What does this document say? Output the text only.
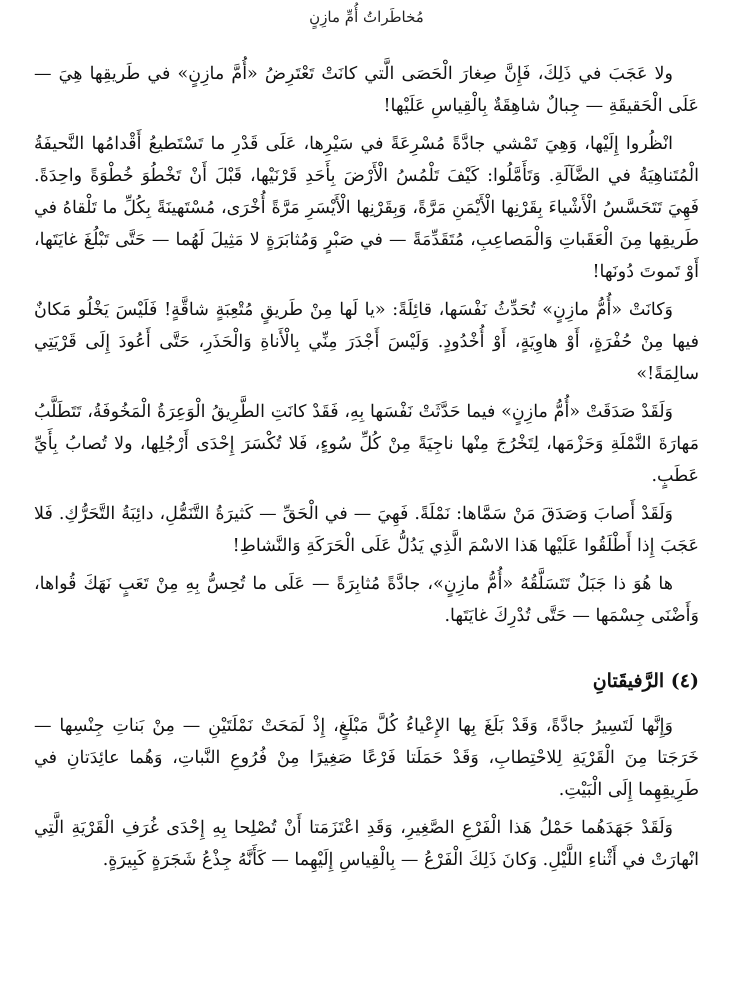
مُخاطَراتُ أُمِّ مازِنٍ

ولا عَجَبَ في ذَلِكَ، فَإِنَّ صِغارَ الْحَصَى الَّتي كانَتْ تَعْتَرِضُ «أُمَّ مازِنٍ» في طَريقِها هِيَ — عَلَى الْحَقيقَةِ — جِبالٌ شاهِقَةٌ بِالْقِياسِ عَلَيْها!

انْظُروا إِلَيْها، وَهِيَ تَمْشي جادَّةً مُسْرِعَةً في سَيْرِها، عَلَى قَدْرِ ما تَسْتَطيعُ أَقْدامُها النَّحيفَةُ الْمُتَناهِيَةُ في الضَّآلَةِ. وَتَأَمَّلُوا: كَيْفَ تَلْمُسُ الْأَرْضَ بِأَحَدِ قَرْنَيْها، قَبْلَ أَنْ تَخْطُوَ خُطْوَةً واحِدَةً. فَهِيَ تَتَحَسَّسُ الْأَشْياءَ بِقَرْنِها الْأَيْمَنِ مَرَّةً، وَبِقَرْنِها الْأَيْسَرِ مَرَّةً أُخْرَى، مُسْتَهينَةً بِكُلِّ ما تَلْقاهُ في طَريقِها مِنَ الْعَقَباتِ وَالْمَصاعِبِ، مُتَقَدِّمَةً — في صَبْرٍ وَمُثابَرَةٍ لا مَثِيلَ لَهُما — حَتَّى تَبْلُغَ غايَتَها، أَوْ تَموتَ دُونَها!

وَكانَتْ «أُمُّ مازِنٍ» تُحَدِّثُ نَفْسَها، قائِلَةً: «يا لَها مِنْ طَريقٍ مُتْعِبَةٍ شاقَّةٍ! فَلَيْسَ يَخْلُو مَكانٌ فيها مِنْ حُفْرَةٍ، أَوْ هاوِيَةٍ، أَوْ أُخْدُودٍ. وَلَيْسَ أَجْدَرَ مِنِّي بِالْأَناةِ وَالْحَذَرِ، حَتَّى أَعُودَ إِلَى قَرْيَتِي سالِمَةً!»

وَلَقَدْ صَدَقَتْ «أُمُّ مازِنٍ» فيما حَدَّثَتْ نَفْسَها بِهِ، فَقَدْ كانَتِ الطَّرِيقُ الْوَعِرَةُ الْمَخُوفَةُ، تَتَطَلَّبُ مَهارَةَ النَّمْلَةِ وَحَزْمَها، لِتَخْرُجَ مِنْها ناجِيَةً مِنْ كُلِّ سُوءٍ، فَلا تُكْسَرَ إِحْدَى أَرْجُلِها، ولا تُصابُ بِأَيِّ عَطَبٍ.

وَلَقَدْ أَصابَ وَصَدَقَ مَنْ سَمَّاها: نَمْلَةً. فَهِيَ — في الْحَقِّ — كَثيرَةُ التَّنَمُّلِ، دائِبَةُ التَّحَرُّكِ. فَلا عَجَبَ إِذا أَطْلَقُوا عَلَيْها هَذا الاسْمَ الَّذِي يَدُلُّ عَلَى الْحَرَكَةِ وَالنَّشاطِ!

ها هُوَ ذا جَبَلٌ تَتَسَلَّقُهُ «أُمُّ مازِنٍ»، جادَّةً مُثابِرَةً — عَلَى ما تُحِسُّ بِهِ مِنْ تَعَبٍ نَهَكَ قُواها، وَأَضْنَى جِسْمَها — حَتَّى تُدْرِكَ غايَتَها.

(٤) الرَّفيقَتانِ

وَإِنَّها لَتَسِيرُ جادَّةً، وَقَدْ بَلَغَ بِها الإِعْياءُ كُلَّ مَبْلَغٍ، إِذْ لَمَحَتْ نَمْلَتَيْنِ — مِنْ بَناتِ جِنْسِها — خَرَجَتا مِنَ الْقَرْيَةِ لِلاحْتِطابِ، وَقَدْ حَمَلَتا فَرْعًا صَغِيرًا مِنْ فُرُوعِ النَّباتِ، وَهُما عائِدَتانِ في طَرِيقِهِما إِلَى الْبَيْتِ.

وَلَقَدْ جَهَدَهُما حَمْلُ هَذا الْفَرْعِ الصَّغِيرِ، وَقَدِ اعْتَزَمَتا أَنْ تُصْلِحا بِهِ إِحْدَى غُرَفِ الْقَرْيَةِ الَّتِي انْهارَتْ في أَثْناءِ اللَّيْلِ. وَكانَ ذَلِكَ الْفَرْعُ — بِالْقِياسِ إِلَيْهِما — كَأَنَّهُ جِذْعُ شَجَرَةٍ كَبِيرَةٍ.
